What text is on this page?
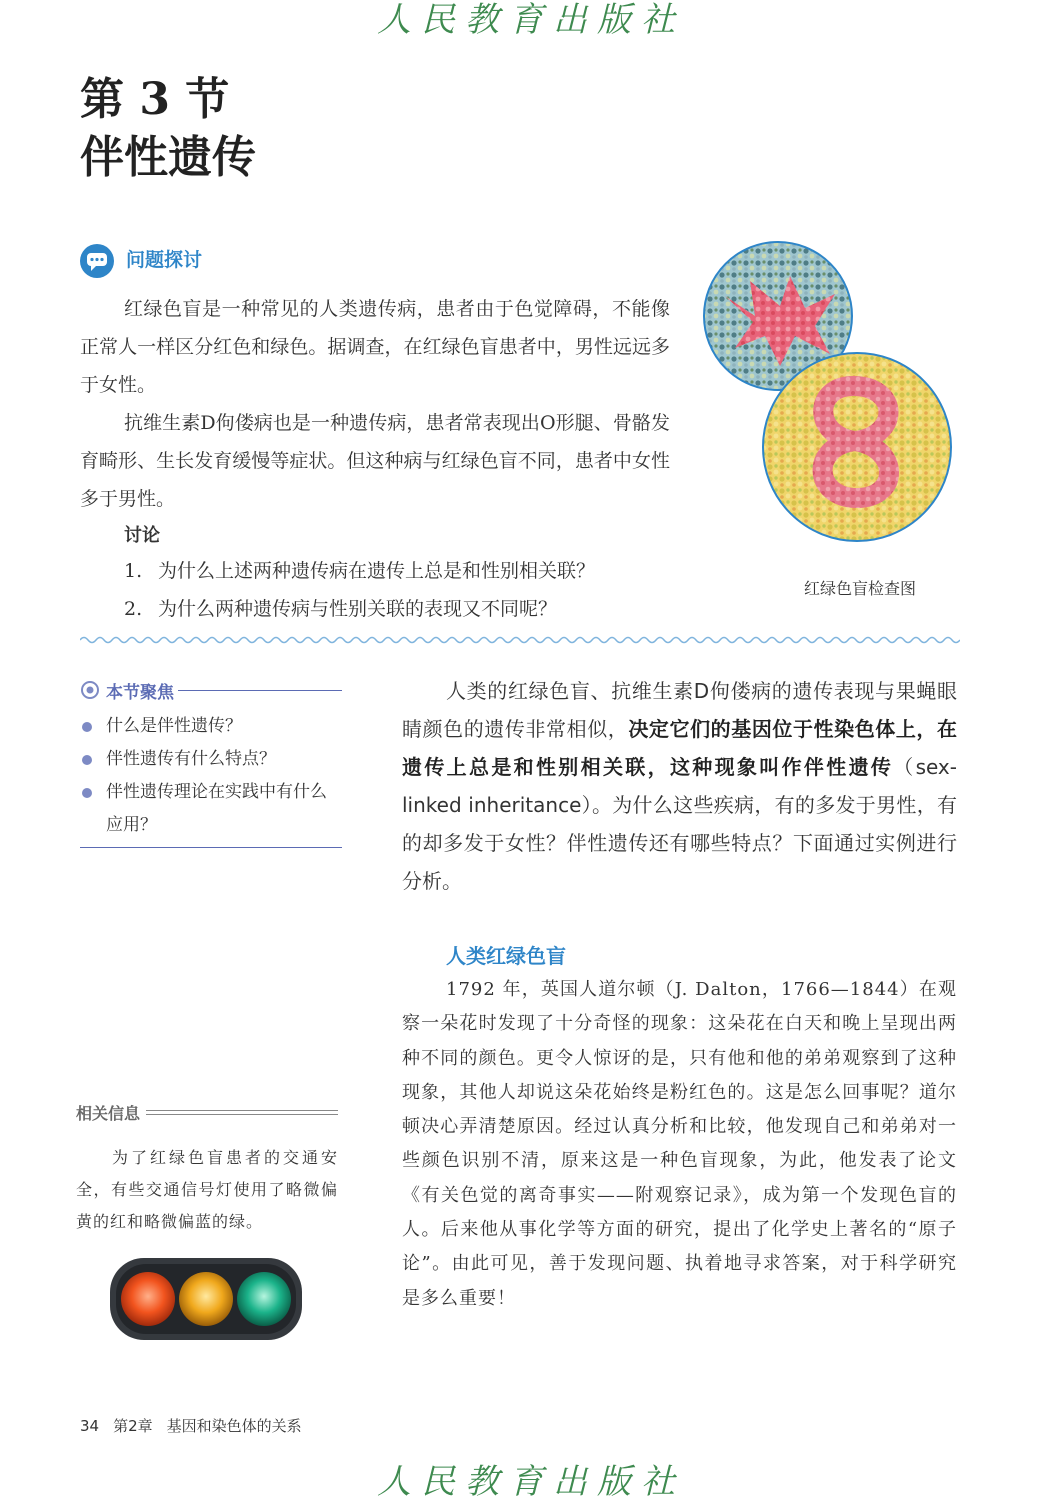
人民教育出版社
第 3 节
伴性遗传
问题探讨

红绿色盲是一种常见的人类遗传病，患者由于色觉障碍，不能像正常人一样区分红色和绿色。据调查，在红绿色盲患者中，男性远远多于女性。

抗维生素D佝偻病也是一种遗传病，患者常表现出O形腿、骨骼发育畸形、生长发育缓慢等症状。但这种病与红绿色盲不同，患者中女性多于男性。

讨论
1. 为什么上述两种遗传病在遗传上总是和性别相关联？
2. 为什么两种遗传病与性别关联的表现又不同呢？
红绿色盲检查图
本节聚焦
什么是伴性遗传？
伴性遗传有什么特点？
伴性遗传理论在实践中有什么应用？

人类的红绿色盲、抗维生素D佝偻病的遗传表现与果蝇眼睛颜色的遗传非常相似，决定它们的基因位于性染色体上，在遗传上总是和性别相关联，这种现象叫作伴性遗传（sex-linked inheritance）。为什么这些疾病，有的多发于男性，有的却多发于女性？伴性遗传还有哪些特点？下面通过实例进行分析。

人类红绿色盲

1792 年，英国人道尔顿（J. Dalton，1766—1844）在观察一朵花时发现了十分奇怪的现象：这朵花在白天和晚上呈现出两种不同的颜色。更令人惊讶的是，只有他和他的弟弟观察到了这种现象，其他人却说这朵花始终是粉红色的。这是怎么回事呢？道尔顿决心弄清楚原因。经过认真分析和比较，他发现自己和弟弟对一些颜色识别不清，原来这是一种色盲现象，为此，他发表了论文《有关色觉的离奇事实——附观察记录》，成为第一个发现色盲的人。后来他从事化学等方面的研究，提出了化学史上著名的“原子论”。由此可见，善于发现问题、执着地寻求答案，对于科学研究是多么重要！

相关信息

为了红绿色盲患者的交通安全，有些交通信号灯使用了略微偏黄的红和略微偏蓝的绿。

34 第2章 基因和染色体的关系
人民教育出版社
